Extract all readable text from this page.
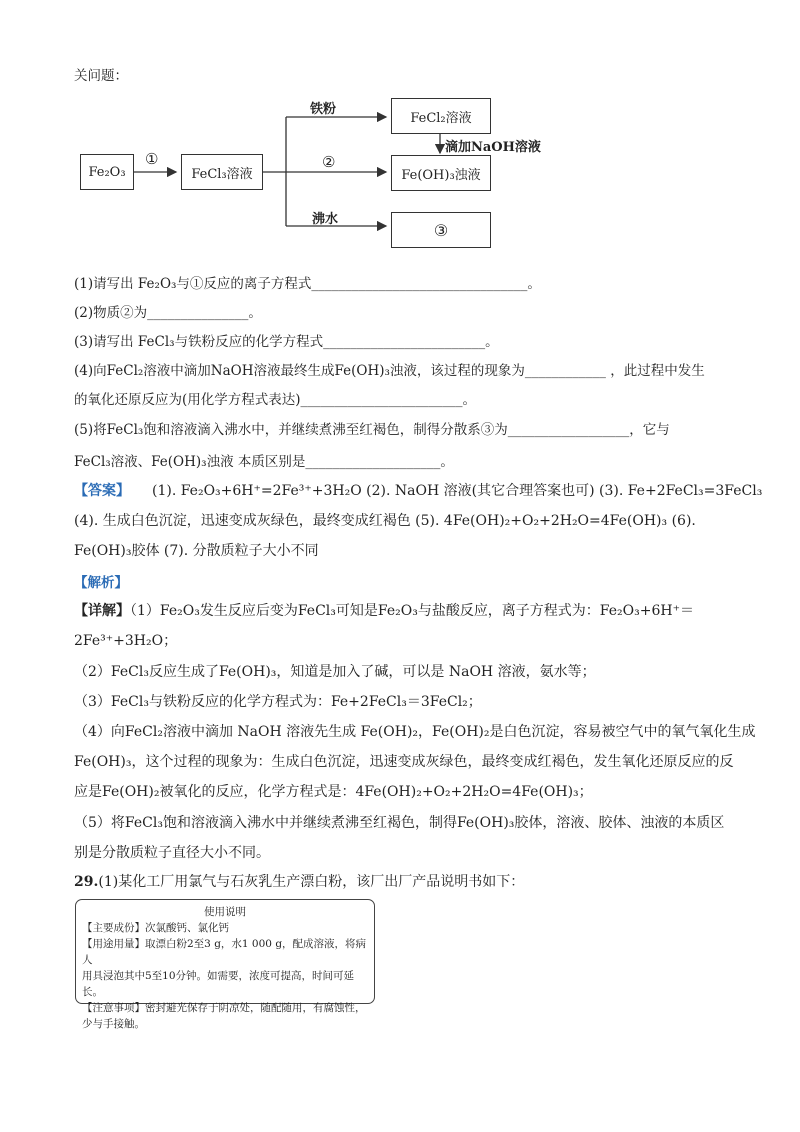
关问题：
Fe₂O₃
①
FeCl₃溶液
铁粉
FeCl₂溶液
滴加NaOH溶液
②
Fe(OH)₃浊液
沸水
③
(1)请写出 Fe₂O₃与①反应的离子方程式________________________________。
(2)物质②为_______________。
(3)请写出 FeCl₃与铁粉反应的化学方程式________________________。
(4)向FeCl₂溶液中滴加NaOH溶液最终生成Fe(OH)₃浊液，该过程的现象为____________ ，此过程中发生
的氧化还原反应为(用化学方程式表达)________________________。
(5)将FeCl₃饱和溶液滴入沸水中，并继续煮沸至红褐色，制得分散系③为__________________，它与
FeCl₃溶液、Fe(OH)₃浊液 本质区别是____________________。
【答案】 (1). Fe₂O₃+6H⁺=2Fe³⁺+3H₂O (2). NaOH 溶液(其它合理答案也可) (3). Fe+2FeCl₃=3FeCl₃
(4). 生成白色沉淀，迅速变成灰绿色，最终变成红褐色 (5). 4Fe(OH)₂+O₂+2H₂O=4Fe(OH)₃ (6).
Fe(OH)₃胶体 (7). 分散质粒子大小不同
【解析】
【详解】（1）Fe₂O₃发生反应后变为FeCl₃可知是Fe₂O₃与盐酸反应，离子方程式为：Fe₂O₃+6H⁺＝
2Fe³⁺+3H₂O；
（2）FeCl₃反应生成了Fe(OH)₃，知道是加入了碱，可以是 NaOH 溶液，氨水等；
（3）FeCl₃与铁粉反应的化学方程式为：Fe+2FeCl₃＝3FeCl₂；
（4）向FeCl₂溶液中滴加 NaOH 溶液先生成 Fe(OH)₂，Fe(OH)₂是白色沉淀，容易被空气中的氧气氧化生成
Fe(OH)₃，这个过程的现象为：生成白色沉淀，迅速变成灰绿色，最终变成红褐色，发生氧化还原反应的反
应是Fe(OH)₂被氧化的反应，化学方程式是：4Fe(OH)₂+O₂+2H₂O=4Fe(OH)₃；
（5）将FeCl₃饱和溶液滴入沸水中并继续煮沸至红褐色，制得Fe(OH)₃胶体，溶液、胶体、浊液的本质区
别是分散质粒子直径大小不同。
29.(1)某化工厂用氯气与石灰乳生产漂白粉，该厂出厂产品说明书如下：
使用说明
【主要成份】次氯酸钙、氯化钙
【用途用量】取漂白粉2至3 g，水1 000 g，配成溶液，将病人
用具浸泡其中5至10分钟。如需要，浓度可提高，时间可延长。
【注意事项】密封避光保存于阴凉处，随配随用，有腐蚀性，
少与手接触。
